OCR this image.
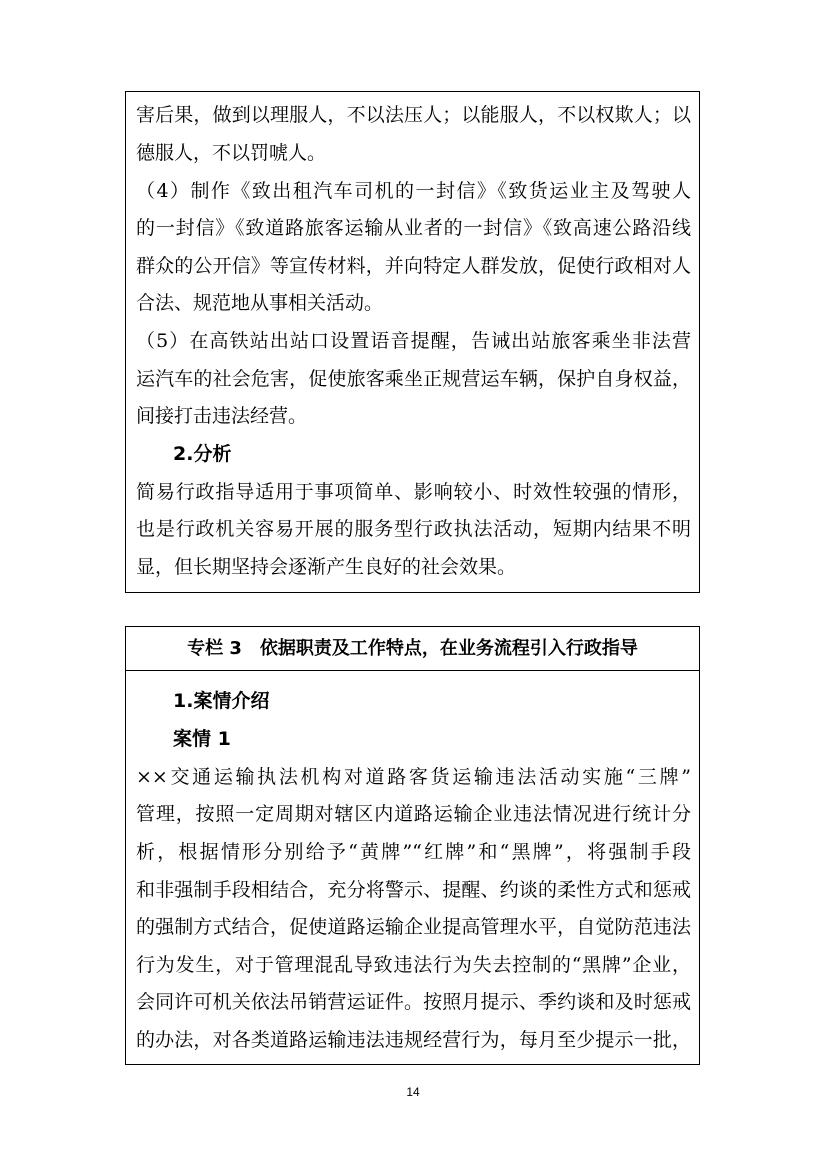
害后果，做到以理服人，不以法压人；以能服人，不以权欺人；以
德服人，不以罚唬人。
（4）制作《致出租汽车司机的一封信》《致货运业主及驾驶人
的一封信》《致道路旅客运输从业者的一封信》《致高速公路沿线
群众的公开信》等宣传材料，并向特定人群发放，促使行政相对人
合法、规范地从事相关活动。
（5）在高铁站出站口设置语音提醒，告诫出站旅客乘坐非法营
运汽车的社会危害，促使旅客乘坐正规营运车辆，保护自身权益，
间接打击违法经营。
2.分析
简易行政指导适用于事项简单、影响较小、时效性较强的情形，
也是行政机关容易开展的服务型行政执法活动，短期内结果不明
显，但长期坚持会逐渐产生良好的社会效果。
专栏 3　依据职责及工作特点，在业务流程引入行政指导
1.案情介绍
案情 1
××交通运输执法机构对道路客货运输违法活动实施“三牌”
管理，按照一定周期对辖区内道路运输企业违法情况进行统计分
析，根据情形分别给予“黄牌”“红牌”和“黑牌”，将强制手段
和非强制手段相结合，充分将警示、提醒、约谈的柔性方式和惩戒
的强制方式结合，促使道路运输企业提高管理水平，自觉防范违法
行为发生，对于管理混乱导致违法行为失去控制的“黑牌”企业，
会同许可机关依法吊销营运证件。按照月提示、季约谈和及时惩戒
的办法，对各类道路运输违法违规经营行为，每月至少提示一批，
14
